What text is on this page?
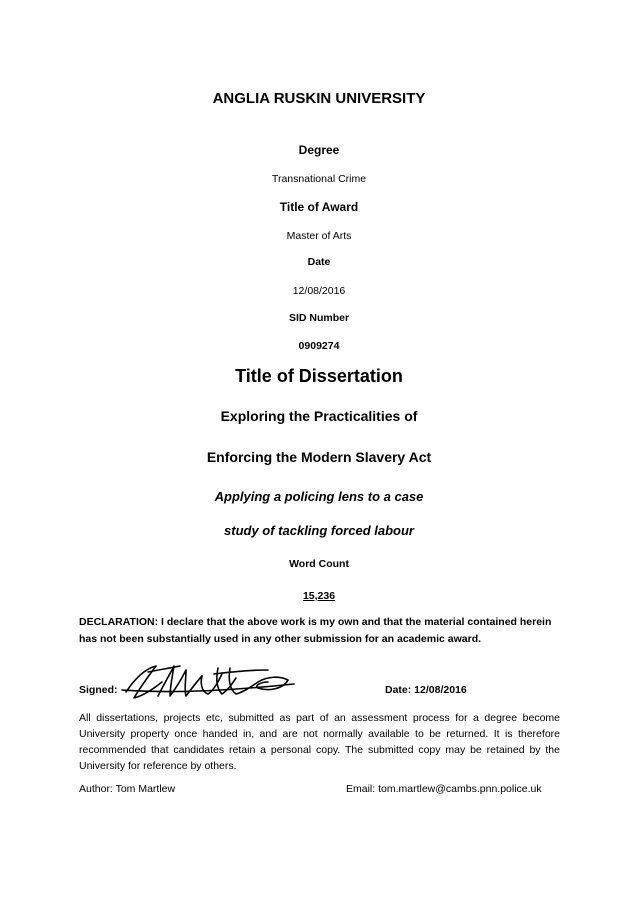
ANGLIA RUSKIN UNIVERSITY
Degree
Transnational Crime
Title of Award
Master of Arts
Date
12/08/2016
SID Number
0909274
Title of Dissertation
Exploring the Practicalities of
Enforcing the Modern Slavery Act
Applying a policing lens to a case
study of tackling forced labour
Word Count
15,236
DECLARATION: I declare that the above work is my own and that the material contained herein
has not been substantially used in any other submission for an academic award.
Signed:	Date: 12/08/2016
All dissertations, projects etc, submitted as part of an assessment process for a degree become University property once handed in, and are not normally available to be returned. It is therefore recommended that candidates retain a personal copy. The submitted copy may be retained by the University for reference by others.
Author: Tom Martlew	Email: tom.martlew@cambs.pnn.police.uk
